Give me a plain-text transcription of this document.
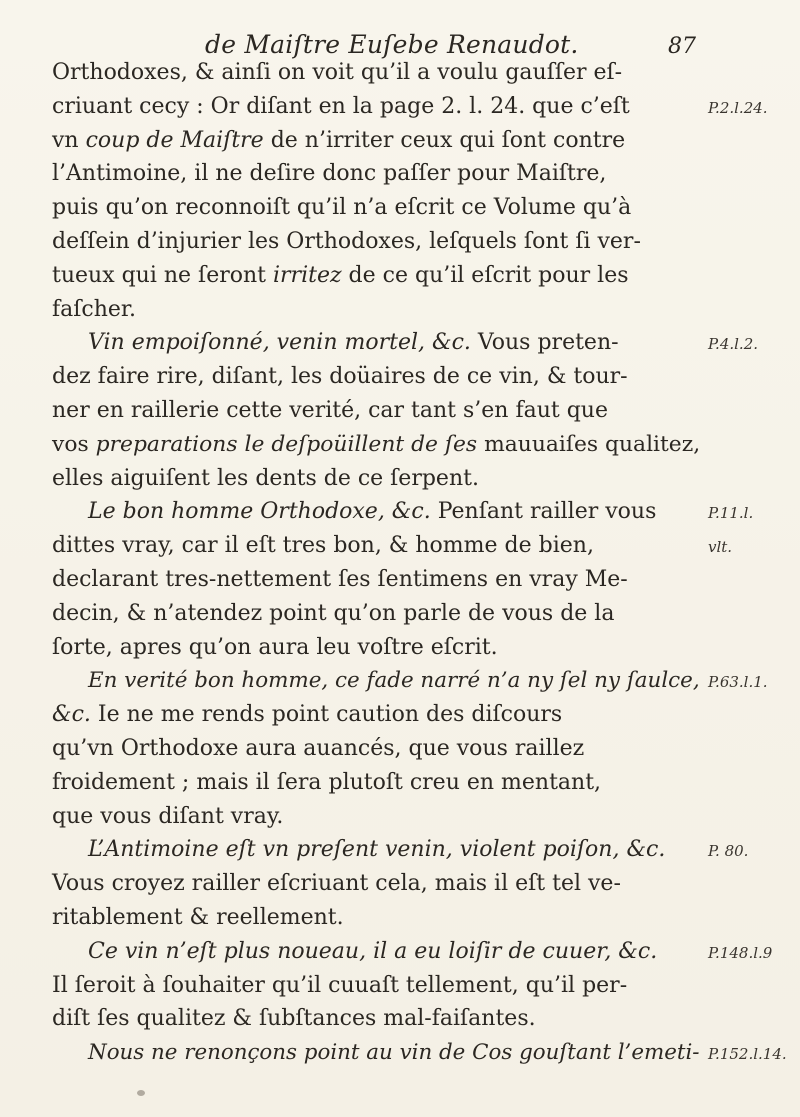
de Maiſtre Euſebe Renaudot.	87
Orthodoxes, & ainſi on voit qu’il a voulu gauſſer eſ-
criuant cecy : Or diſant en la page 2. l. 24. que c’eſt
vn coup de Maiſtre de n’irriter ceux qui ſont contre
l’Antimoine, il ne deſire donc paſſer pour Maiſtre,
puis qu’on reconnoiſt qu’il n’a eſcrit ce Volume qu’à
deſſein d’injurier les Orthodoxes, leſquels ſont ſi ver-
tueux qui ne ſeront irritez de ce qu’il eſcrit pour les
faſcher.
Vin empoiſonné, venin mortel, &c. Vous preten-
dez faire rire, diſant, les doüaires de ce vin, & tour-
ner en raillerie cette verité, car tant s’en faut que
vos preparations le deſpoüillent de ſes mauuaiſes qualitez,
elles aiguiſent les dents de ce ſerpent.
Le bon homme Orthodoxe, &c. Penſant railler vous
dittes vray, car il eſt tres bon, & homme de bien,
declarant tres-nettement ſes ſentimens en vray Me-
decin, & n’atendez point qu’on parle de vous de la
ſorte, apres qu’on aura leu voſtre eſcrit.
En verité bon homme, ce fade narré n’a ny ſel ny ſaulce,
&c. Ie ne me rends point caution des diſcours
qu’vn Orthodoxe aura auancés, que vous raillez
froidement ; mais il ſera plutoſt creu en mentant,
que vous diſant vray.
L’Antimoine eſt vn preſent venin, violent poiſon, &c.
Vous croyez railler eſcriuant cela, mais il eſt tel ve-
ritablement & reellement.
Ce vin n’eſt plus noueau, il a eu loiſir de cuuer, &c.
Il ſeroit à ſouhaiter qu’il cuuaſt tellement, qu’il per-
diſt ſes qualitez & ſubſtances mal-faiſantes.
Nous ne renonçons point au vin de Cos gouſtant l’emeti-
P.2.l.24.
P.4.l.2.
P.11.l.
vlt.
P.63.l.1.
P. 80.
P.148.l.9
P.152.l.14.
